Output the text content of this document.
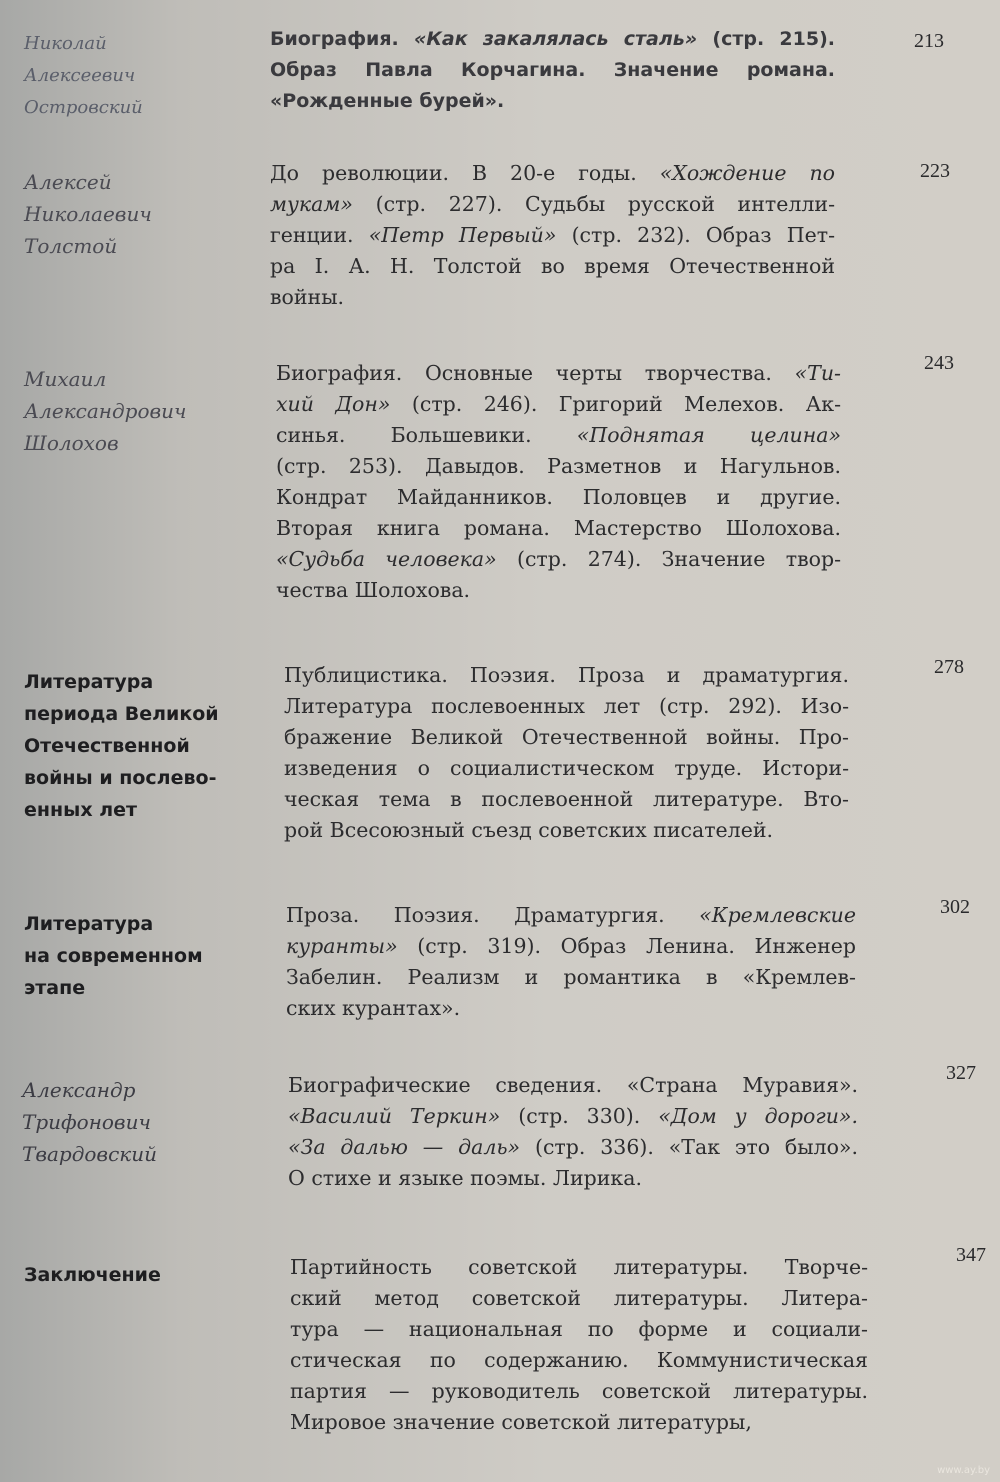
Николай
Алексеевич
Островский
Биография. «Как закалялась сталь» (стр. 215).
Образ Павла Корчагина. Значение романа.
«Рожденные бурей».
213
Алексей
Николаевич
Толстой
До революции. В 20-е годы. «Хождение по
мукам» (стр. 227). Судьбы русской интелли-
генции. «Петр Первый» (стр. 232). Образ Пет-
ра I. А. Н. Толстой во время Отечественной
войны.
223
Михаил
Александрович
Шолохов
Биография. Основные черты творчества. «Ти-
хий Дон» (стр. 246). Григорий Мелехов. Ак-
синья. Большевики. «Поднятая целина»
(стр. 253). Давыдов. Разметнов и Нагульнов.
Кондрат Майданников. Половцев и другие.
Вторая книга романа. Мастерство Шолохова.
«Судьба человека» (стр. 274). Значение твор-
чества Шолохова.
243
Литература
периода Великой
Отечественной
войны и послево-
енных лет
Публицистика. Поэзия. Проза и драматургия.
Литература послевоенных лет (стр. 292). Изо-
бражение Великой Отечественной войны. Про-
изведения о социалистическом труде. Истори-
ческая тема в послевоенной литературе. Вто-
рой Всесоюзный съезд советских писателей.
278
Литература
на современном
этапе
Проза. Поэзия. Драматургия. «Кремлевские
куранты» (стр. 319). Образ Ленина. Инженер
Забелин. Реализм и романтика в «Кремлев-
ских курантах».
302
Александр
Трифонович
Твардовский
Биографические сведения. «Страна Муравия».
«Василий Теркин» (стр. 330). «Дом у дороги».
«За далью — даль» (стр. 336). «Так это было».
О стихе и языке поэмы. Лирика.
327
Заключение	Партийность советской литературы. Творче-
ский метод советской литературы. Литера-
тура — национальная по форме и социали-
стическая по содержанию. Коммунистическая
партия — руководитель советской литературы.
Мировое значение советской литературы,
347
www.ay.by
